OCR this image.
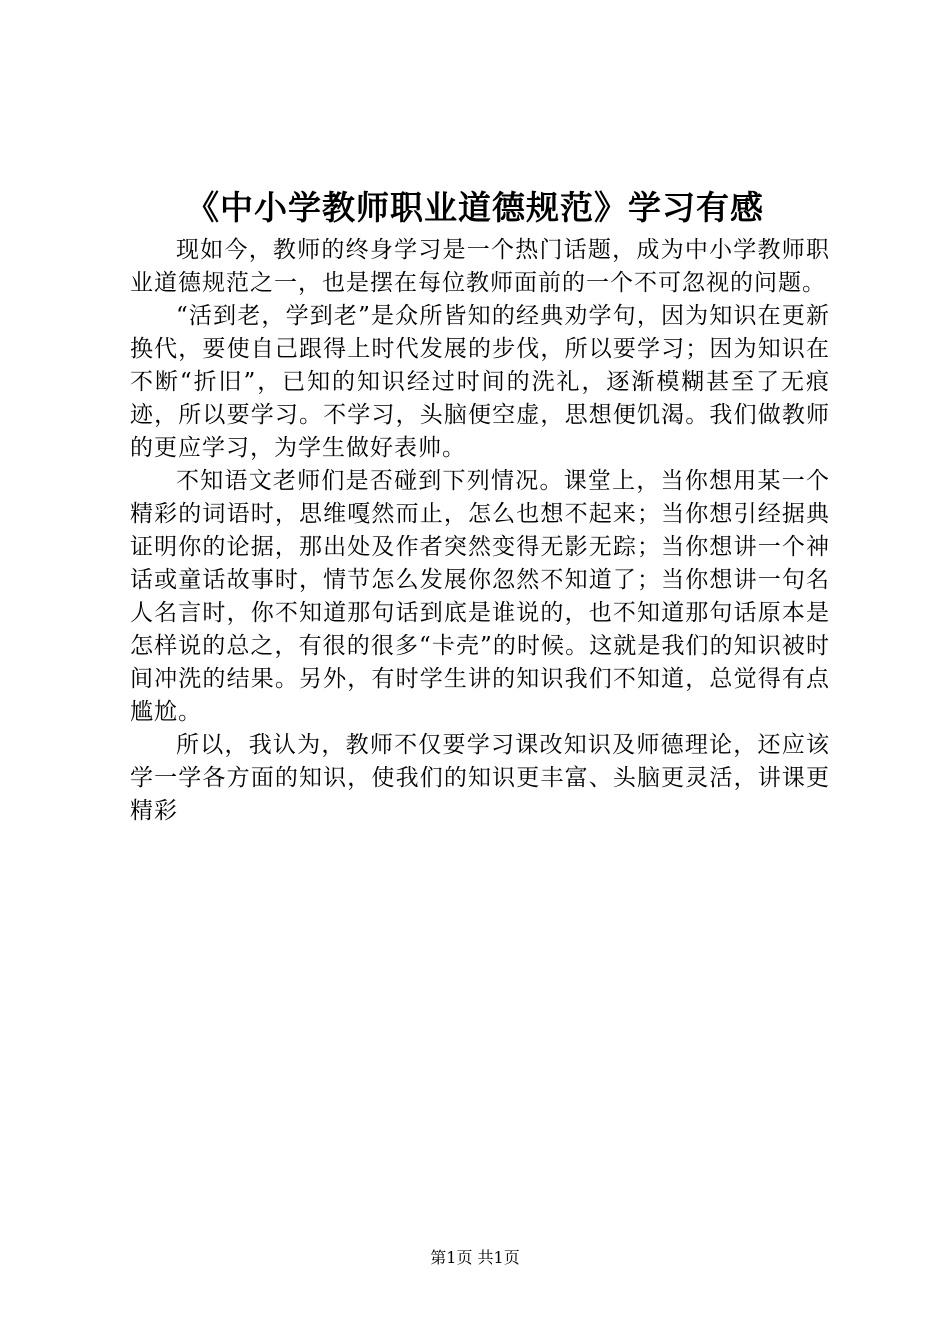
《中小学教师职业道德规范》学习有感

现如今，教师的终身学习是一个热门话题，成为中小学教师职业道德规范之一，也是摆在每位教师面前的一个不可忽视的问题。

“活到老，学到老”是众所皆知的经典劝学句，因为知识在更新换代，要使自己跟得上时代发展的步伐，所以要学习；因为知识在不断“折旧”，已知的知识经过时间的洗礼，逐渐模糊甚至了无痕迹，所以要学习。不学习，头脑便空虚，思想便饥渴。我们做教师的更应学习，为学生做好表帅。

不知语文老师们是否碰到下列情况。课堂上，当你想用某一个精彩的词语时，思维嘎然而止，怎么也想不起来；当你想引经据典证明你的论据，那出处及作者突然变得无影无踪；当你想讲一个神话或童话故事时，情节怎么发展你忽然不知道了；当你想讲一句名人名言时，你不知道那句话到底是谁说的，也不知道那句话原本是怎样说的总之，有很的很多“卡壳”的时候。这就是我们的知识被时间冲洗的结果。另外，有时学生讲的知识我们不知道，总觉得有点尴尬。

所以，我认为，教师不仅要学习课改知识及师德理论，还应该学一学各方面的知识，使我们的知识更丰富、头脑更灵活，讲课更精彩

第1页 共1页
